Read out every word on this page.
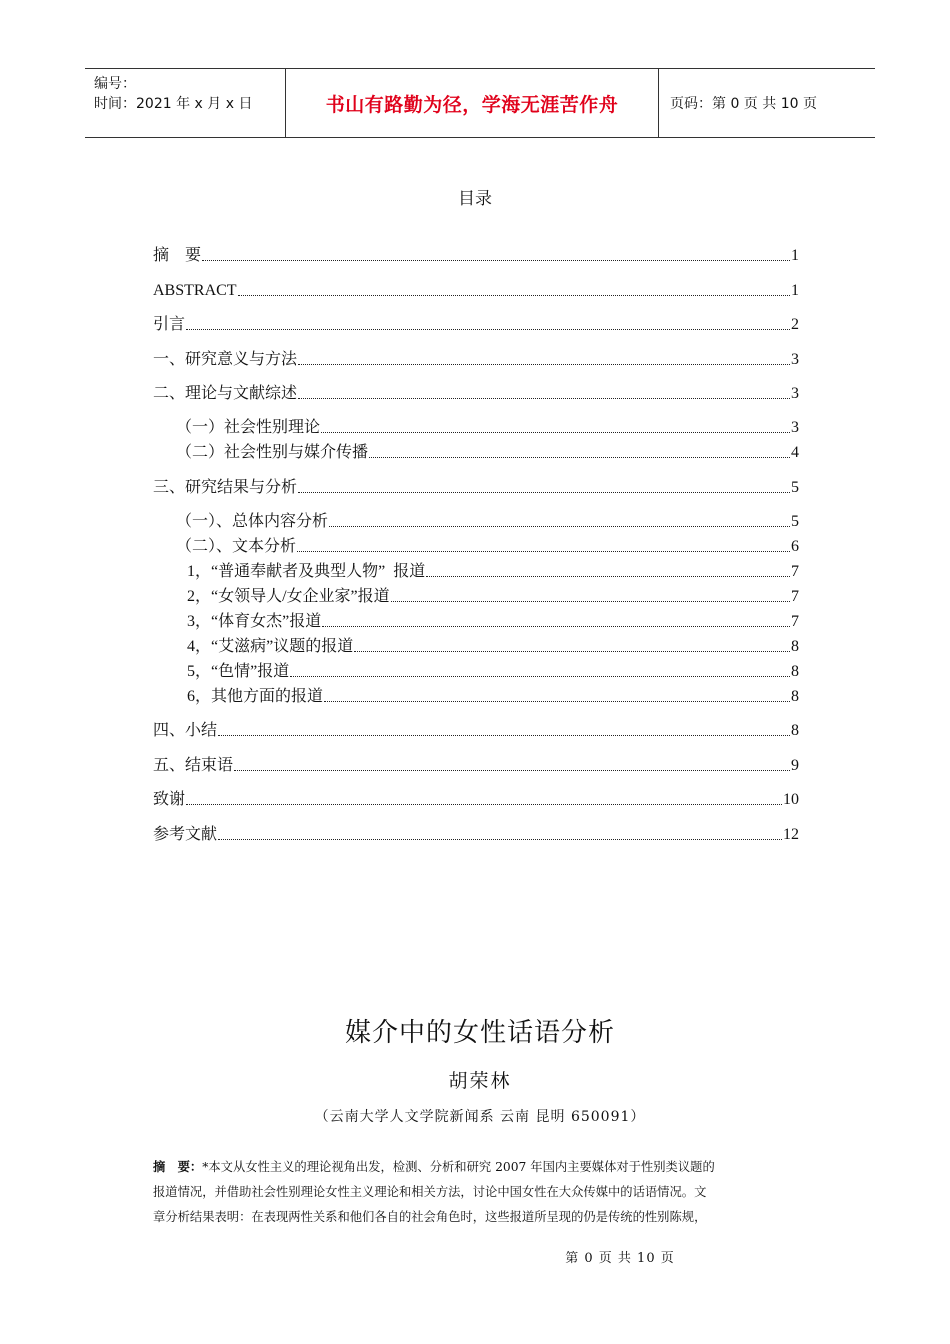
编号：
时间：2021 年 x 月 x 日	书山有路勤为径，学海无涯苦作舟	页码：第 0 页 共 10 页
目录
摘    要	1
ABSTRACT	1
引言	2
一、研究意义与方法	3
二、理论与文献综述	3
（一）社会性别理论	3
（二）社会性别与媒介传播	4
三、研究结果与分析	5
（一）、总体内容分析	5
（二）、文本分析	6
1，“普通奉献者及典型人物”  报道	7
2，“女领导人/女企业家”报道	7
3，“体育女杰”报道	7
4，“艾滋病”议题的报道	8
5，“色情”报道	8
6，其他方面的报道	8
四、小结	8
五、结束语	9
致谢	10
参考文献	12
媒介中的女性话语分析
胡荣林
（云南大学人文学院新闻系 云南 昆明 650091）
摘　要：*本文从女性主义的理论视角出发，检测、分析和研究 2007 年国内主要媒体对于性别类议题的
报道情况，并借助社会性别理论女性主义理论和相关方法，讨论中国女性在大众传媒中的话语情况。文
章分析结果表明：在表现两性关系和他们各自的社会角色时，这些报道所呈现的仍是传统的性别陈规，
第 0 页 共 10 页
